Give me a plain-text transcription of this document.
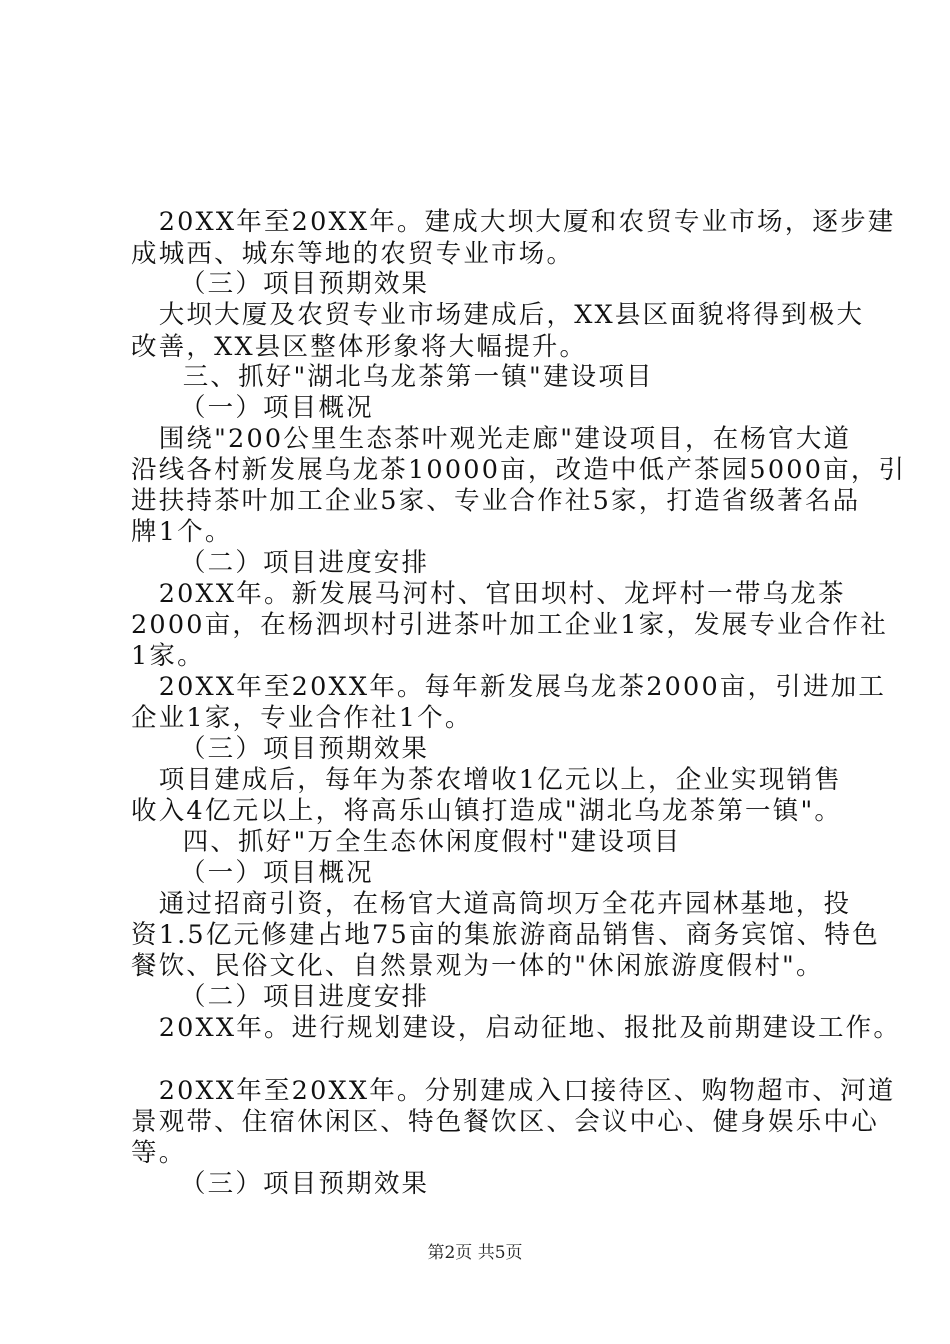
　20XX年至20XX年。建成大坝大厦和农贸专业市场，逐步建
成城西、城东等地的农贸专业市场。
　（三）项目预期效果
　大坝大厦及农贸专业市场建成后，XX县区面貌将得到极大
改善，XX县区整体形象将大幅提升。
　三、抓好"湖北乌龙茶第一镇"建设项目
　（一）项目概况
　围绕"200公里生态茶叶观光走廊"建设项目，在杨官大道
沿线各村新发展乌龙茶10000亩，改造中低产茶园5000亩，引
进扶持茶叶加工企业5家、专业合作社5家，打造省级著名品
牌1个。
　（二）项目进度安排
　20XX年。新发展马河村、官田坝村、龙坪村一带乌龙茶
2000亩，在杨泗坝村引进茶叶加工企业1家，发展专业合作社
1家。
　20XX年至20XX年。每年新发展乌龙茶2000亩，引进加工
企业1家，专业合作社1个。
　（三）项目预期效果
　项目建成后，每年为茶农增收1亿元以上，企业实现销售
收入4亿元以上，将高乐山镇打造成"湖北乌龙茶第一镇"。
　四、抓好"万全生态休闲度假村"建设项目
　（一）项目概况
　通过招商引资，在杨官大道高筒坝万全花卉园林基地，投
资1.5亿元修建占地75亩的集旅游商品销售、商务宾馆、特色
餐饮、民俗文化、自然景观为一体的"休闲旅游度假村"。
　（二）项目进度安排
　20XX年。进行规划建设，启动征地、报批及前期建设工作。
　20XX年至20XX年。分别建成入口接待区、购物超市、河道
景观带、住宿休闲区、特色餐饮区、会议中心、健身娱乐中心
等。
　（三）项目预期效果
第2页 共5页
